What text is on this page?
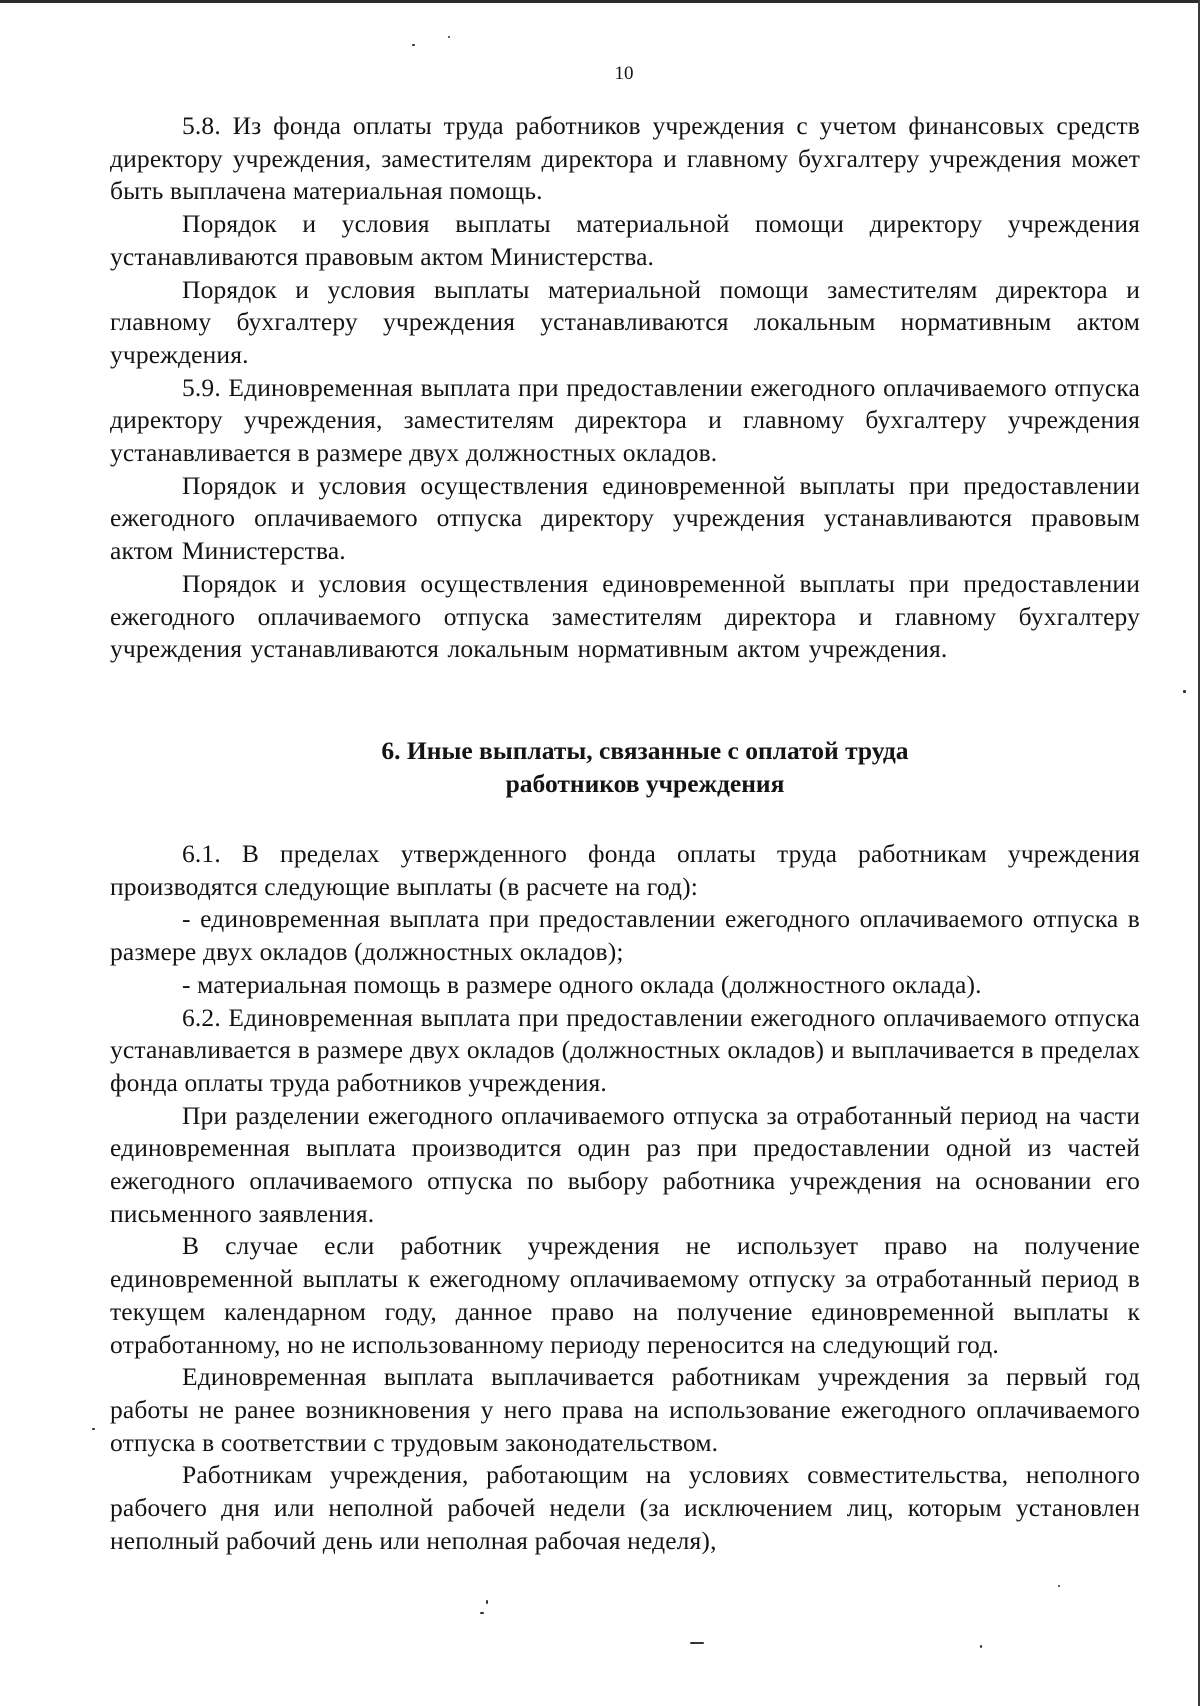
10

5.8. Из фонда оплаты труда работников учреждения с учетом финансовых средств директору учреждения, заместителям директора и главному бухгалтеру учреждения может быть выплачена материальная помощь.

Порядок и условия выплаты материальной помощи директору учреждения устанавливаются правовым актом Министерства.

Порядок и условия выплаты материальной помощи заместителям директора и главному бухгалтеру учреждения устанавливаются локальным нормативным актом учреждения.

5.9. Единовременная выплата при предоставлении ежегодного оплачиваемого отпуска директору учреждения, заместителям директора и главному бухгалтеру учреждения устанавливается в размере двух должностных окладов.

Порядок и условия осуществления единовременной выплаты при предоставлении ежегодного оплачиваемого отпуска директору учреждения устанавливаются правовым актом Министерства.

Порядок и условия осуществления единовременной выплаты при предоставлении ежегодного оплачиваемого отпуска заместителям директора и главному бухгалтеру учреждения устанавливаются локальным нормативным актом учреждения.

6. Иные выплаты, связанные с оплатой труда
работников учреждения

6.1. В пределах утвержденного фонда оплаты труда работникам учреждения производятся следующие выплаты (в расчете на год):

- единовременная выплата при предоставлении ежегодного оплачиваемого отпуска в размере двух окладов (должностных окладов);

- материальная помощь в размере одного оклада (должностного оклада).

6.2. Единовременная выплата при предоставлении ежегодного оплачиваемого отпуска устанавливается в размере двух окладов (должностных окладов) и выплачивается в пределах фонда оплаты труда работников учреждения.

При разделении ежегодного оплачиваемого отпуска за отработанный период на части единовременная выплата производится один раз при предоставлении одной из частей ежегодного оплачиваемого отпуска по выбору работника учреждения на основании его письменного заявления.

В случае если работник учреждения не использует право на получение единовременной выплаты к ежегодному оплачиваемому отпуску за отработанный период в текущем календарном году, данное право на получение единовременной выплаты к отработанному, но не использованному периоду переносится на следующий год.

Единовременная выплата выплачивается работникам учреждения за первый год работы не ранее возникновения у него права на использование ежегодного оплачиваемого отпуска в соответствии с трудовым законодательством.

Работникам учреждения, работающим на условиях совместительства, неполного рабочего дня или неполной рабочей недели (за исключением лиц, которым установлен неполный рабочий день или неполная рабочая неделя),
